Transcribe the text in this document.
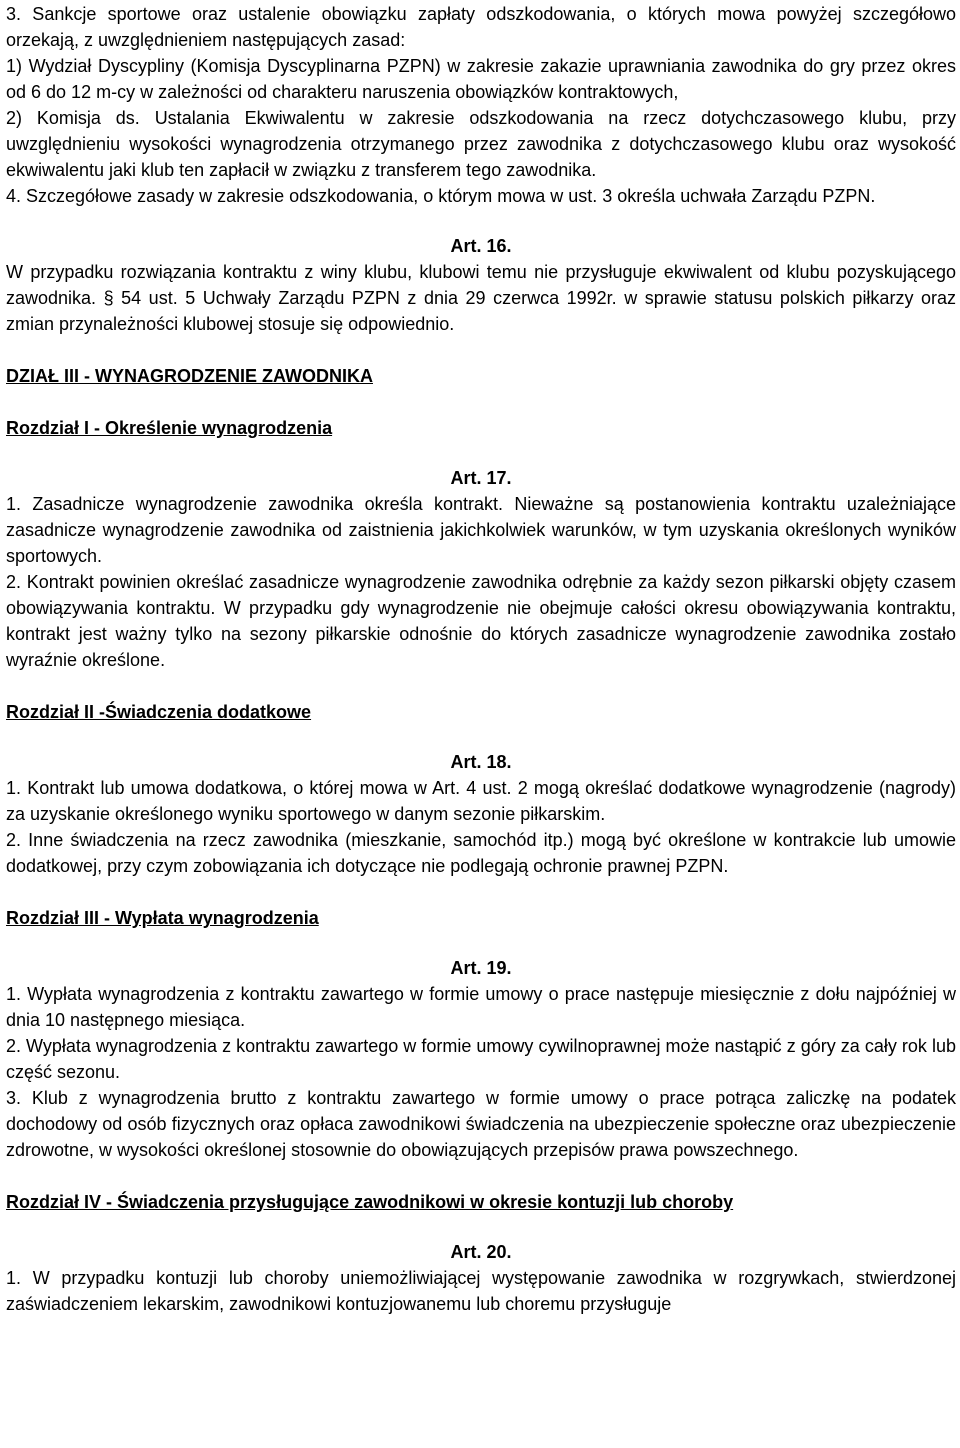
3. Sankcje sportowe oraz ustalenie obowiązku zapłaty odszkodowania, o których mowa powyżej szczegółowo orzekają, z uwzględnieniem następujących zasad:

1) Wydział Dyscypliny (Komisja Dyscyplinarna PZPN) w zakresie zakazie uprawniania zawodnika do gry przez okres od 6 do 12 m-cy w zależności od charakteru naruszenia obowiązków kontraktowych,

2) Komisja ds. Ustalania Ekwiwalentu w zakresie odszkodowania na rzecz dotychczasowego klubu, przy uwzględnieniu wysokości wynagrodzenia otrzymanego przez zawodnika z dotychczasowego klubu oraz wysokość ekwiwalentu jaki klub ten zapłacił w związku z transferem tego zawodnika.

4. Szczegółowe zasady w zakresie odszkodowania, o którym mowa w ust. 3 określa uchwała Zarządu PZPN.

Art. 16.

W przypadku rozwiązania kontraktu z winy klubu, klubowi temu nie przysługuje ekwiwalent od klubu pozyskującego zawodnika. § 54 ust. 5 Uchwały Zarządu PZPN z dnia 29 czerwca 1992r. w sprawie statusu polskich piłkarzy oraz zmian przynależności klubowej stosuje się odpowiednio.

DZIAŁ III - WYNAGRODZENIE ZAWODNIKA

Rozdział I - Określenie wynagrodzenia

Art. 17.

1. Zasadnicze wynagrodzenie zawodnika określa kontrakt. Nieważne są postanowienia kontraktu uzależniające zasadnicze wynagrodzenie zawodnika od zaistnienia jakichkolwiek warunków, w tym uzyskania określonych wyników sportowych.

2. Kontrakt powinien określać zasadnicze wynagrodzenie zawodnika odrębnie za każdy sezon piłkarski objęty czasem obowiązywania kontraktu. W przypadku gdy wynagrodzenie nie obejmuje całości okresu obowiązywania kontraktu, kontrakt jest ważny tylko na sezony piłkarskie odnośnie do których zasadnicze wynagrodzenie zawodnika zostało wyraźnie określone.

Rozdział II -Świadczenia dodatkowe

Art. 18.

1. Kontrakt lub umowa dodatkowa, o której mowa w Art. 4 ust. 2 mogą określać dodatkowe wynagrodzenie (nagrody) za uzyskanie określonego wyniku sportowego w danym sezonie piłkarskim.

2. Inne świadczenia na rzecz zawodnika (mieszkanie, samochód itp.) mogą być określone w kontrakcie lub umowie dodatkowej, przy czym zobowiązania ich dotyczące nie podlegają ochronie prawnej PZPN.

Rozdział III - Wypłata wynagrodzenia

Art. 19.

1. Wypłata wynagrodzenia z kontraktu zawartego w formie umowy o prace następuje miesięcznie z dołu najpóźniej w dnia 10 następnego miesiąca.

2. Wypłata wynagrodzenia z kontraktu zawartego w formie umowy cywilnoprawnej może nastąpić z góry za cały rok lub część sezonu.

3. Klub z wynagrodzenia brutto z kontraktu zawartego w formie umowy o prace potrąca zaliczkę na podatek dochodowy od osób fizycznych oraz opłaca zawodnikowi świadczenia na ubezpieczenie społeczne oraz ubezpieczenie zdrowotne, w wysokości określonej stosownie do obowiązujących przepisów prawa powszechnego.

Rozdział IV - Świadczenia przysługujące zawodnikowi w okresie kontuzji lub choroby

Art. 20.

1. W przypadku kontuzji lub choroby uniemożliwiającej występowanie zawodnika w rozgrywkach, stwierdzonej zaświadczeniem lekarskim, zawodnikowi kontuzjowanemu lub choremu przysługuje
